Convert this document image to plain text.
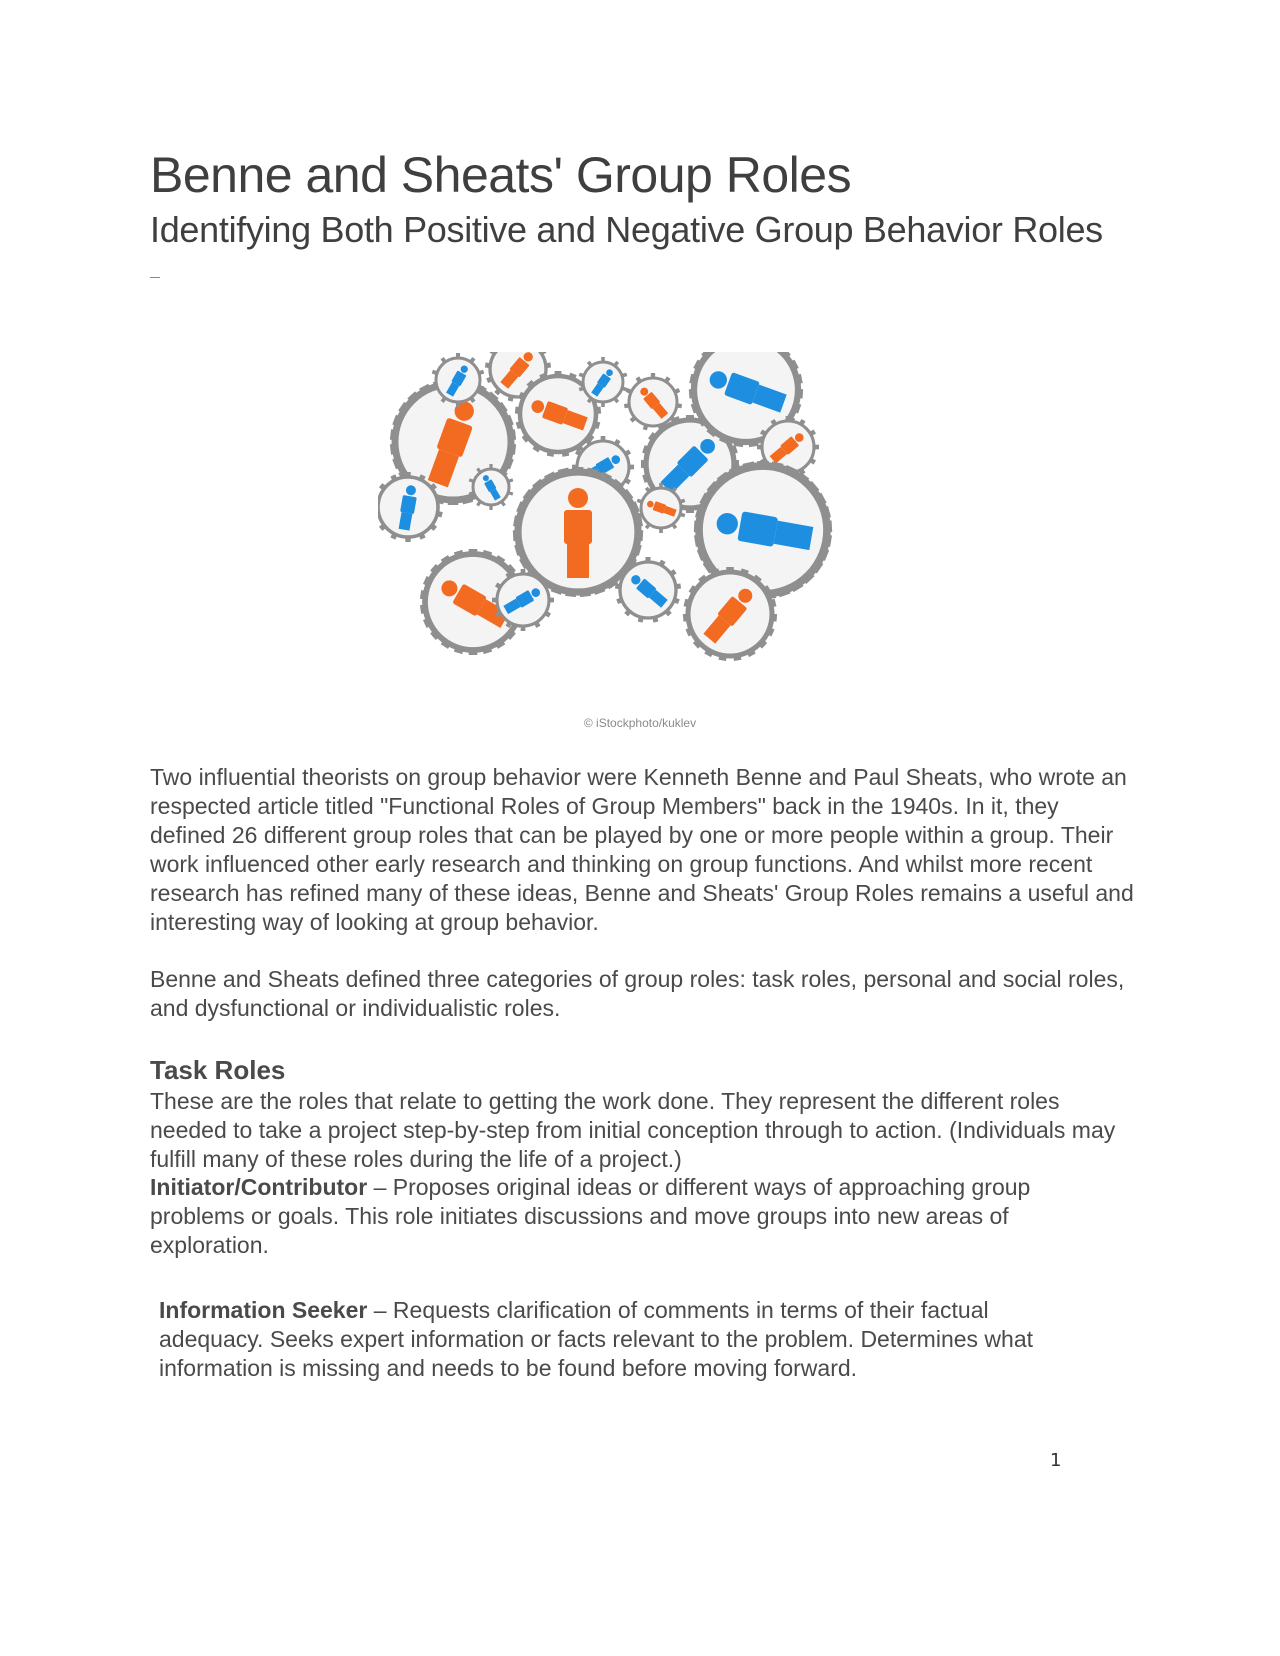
Benne and Sheats' Group Roles
Identifying Both Positive and Negative Group Behavior Roles
© iStockphoto/kuklev

Two influential theorists on group behavior were Kenneth Benne and Paul Sheats, who wrote an respected article titled "Functional Roles of Group Members" back in the 1940s. In it, they defined 26 different group roles that can be played by one or more people within a group. Their work influenced other early research and thinking on group functions. And whilst more recent research has refined many of these ideas, Benne and Sheats' Group Roles remains a useful and interesting way of looking at group behavior.

Benne and Sheats defined three categories of group roles: task roles, personal and social roles, and dysfunctional or individualistic roles.

Task Roles

These are the roles that relate to getting the work done. They represent the different roles needed to take a project step-by-step from initial conception through to action. (Individuals may fulfill many of these roles during the life of a project.)

Initiator/Contributor – Proposes original ideas or different ways of approaching group problems or goals. This role initiates discussions and move groups into new areas of exploration.

Information Seeker – Requests clarification of comments in terms of their factual adequacy. Seeks expert information or facts relevant to the problem. Determines what information is missing and needs to be found before moving forward.

1
